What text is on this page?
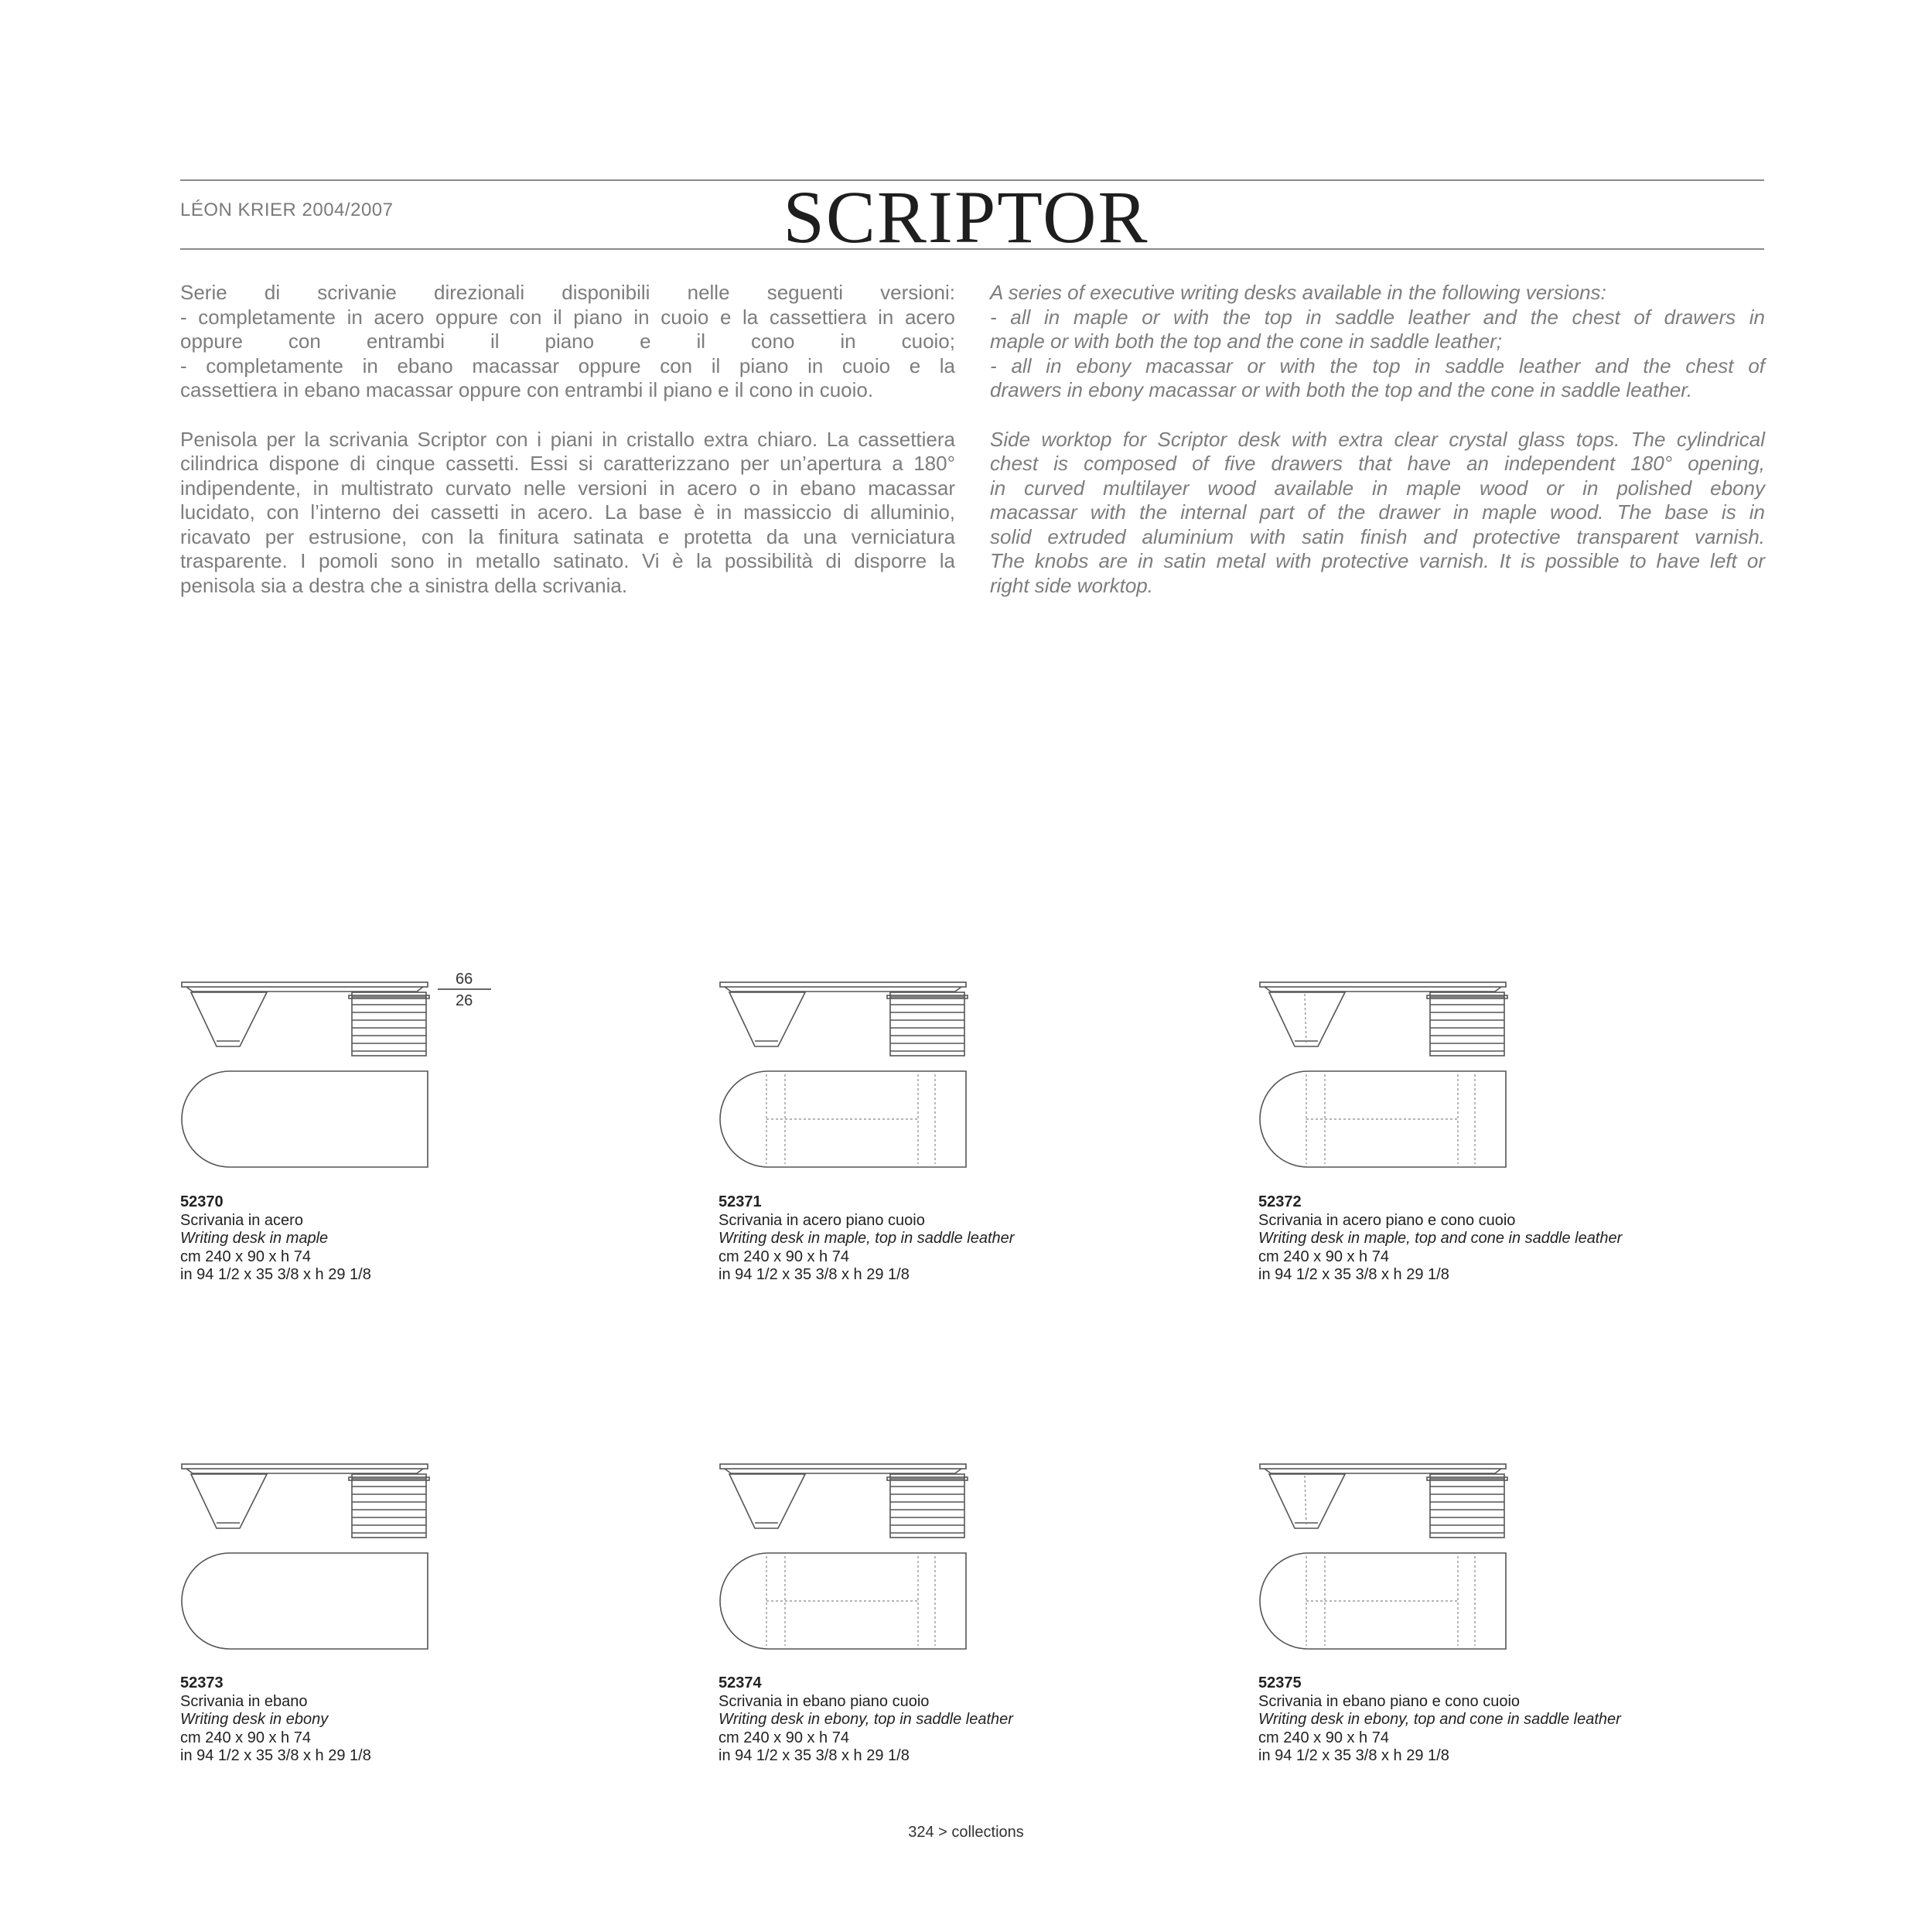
LÉON KRIER 2004/2007	SCRIPTOR

Serie di scrivanie direzionali disponibili nelle seguenti versioni:
- completamente in acero oppure con il piano in cuoio e la cassettiera in acero
oppure con entrambi il piano e il cono in cuoio;
- completamente in ebano macassar oppure con il piano in cuoio e la
cassettiera in ebano macassar oppure con entrambi il piano e il cono in cuoio.

Penisola per la scrivania Scriptor con i piani in cristallo extra chiaro. La cassettiera
cilindrica dispone di cinque cassetti. Essi si caratterizzano per un’apertura a 180°
indipendente, in multistrato curvato nelle versioni in acero o in ebano macassar
lucidato, con l’interno dei cassetti in acero. La base è in massiccio di alluminio,
ricavato per estrusione, con la finitura satinata e protetta da una verniciatura
trasparente. I pomoli sono in metallo satinato. Vi è la possibilità di disporre la
penisola sia a destra che a sinistra della scrivania.

A series of executive writing desks available in the following versions:
- all in maple or with the top in saddle leather and the chest of drawers in
maple or with both the top and the cone in saddle leather;
- all in ebony macassar or with the top in saddle leather and the chest of
drawers in ebony macassar or with both the top and the cone in saddle leather.

Side worktop for Scriptor desk with extra clear crystal glass tops. The cylindrical
chest is composed of five drawers that have an independent 180° opening,
in curved multilayer wood available in maple wood or in polished ebony
macassar with the internal part of the drawer in maple wood. The base is in
solid extruded aluminium with satin finish and protective transparent varnish.
The knobs are in satin metal with protective varnish. It is possible to have left or
right side worktop.

66
26
52370
Scrivania in acero
Writing desk in maple
cm 240 x 90 x h 74
in 94 1/2 x 35 3/8 x h 29 1/8
52371
Scrivania in acero piano cuoio
Writing desk in maple, top in saddle leather
cm 240 x 90 x h 74
in 94 1/2 x 35 3/8 x h 29 1/8
52372
Scrivania in acero piano e cono cuoio
Writing desk in maple, top and cone in saddle leather
cm 240 x 90 x h 74
in 94 1/2 x 35 3/8 x h 29 1/8
52373
Scrivania in ebano
Writing desk in ebony
cm 240 x 90 x h 74
in 94 1/2 x 35 3/8 x h 29 1/8
52374
Scrivania in ebano piano cuoio
Writing desk in ebony, top in saddle leather
cm 240 x 90 x h 74
in 94 1/2 x 35 3/8 x h 29 1/8
52375
Scrivania in ebano piano e cono cuoio
Writing desk in ebony, top and cone in saddle leather
cm 240 x 90 x h 74
in 94 1/2 x 35 3/8 x h 29 1/8
324 > collections
